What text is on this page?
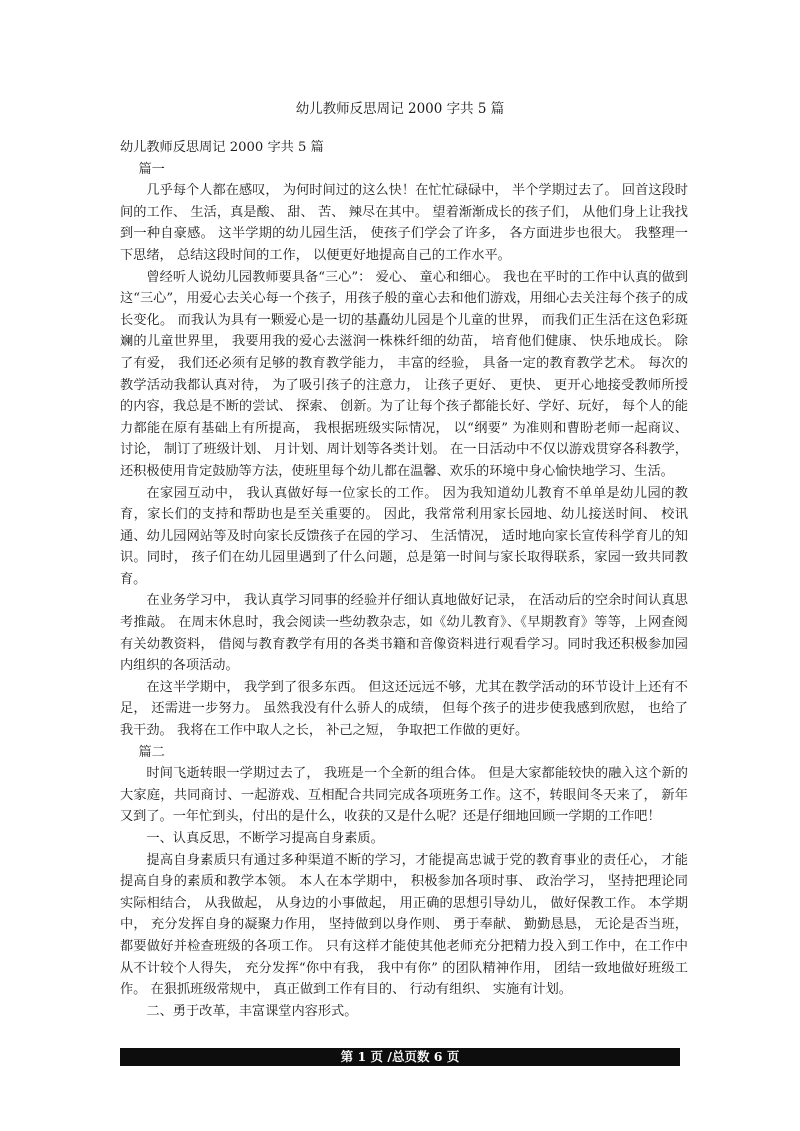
幼儿教师反思周记 2000 字共 5 篇

幼儿教师反思周记 2000 字共 5 篇

篇一

几乎每个人都在感叹， 为何时间过的这么快！在忙忙碌碌中， 半个学期过去了。 回首这段时间的工作、 生活，真是酸、 甜、 苦、 辣尽在其中。 望着渐渐成长的孩子们， 从他们身上让我找到一种自豪感。 这半学期的幼儿园生活， 使孩子们学会了许多， 各方面进步也很大。 我整理一下思绪， 总结这段时间的工作， 以便更好地提高自己的工作水平。

曾经听人说幼儿园教师要具备“三心”： 爱心、 童心和细心。 我也在平时的工作中认真的做到这“三心”，用爱心去关心每一个孩子，用孩子般的童心去和他们游戏，用细心去关注每个孩子的成长变化。 而我认为具有一颗爱心是一切的基矗幼儿园是个儿童的世界， 而我们正生活在这色彩斑斓的儿童世界里， 我要用我的爱心去滋润一株株纤细的幼苗， 培育他们健康、 快乐地成长。 除了有爱， 我们还必须有足够的教育教学能力， 丰富的经验， 具备一定的教育教学艺术。 每次的教学活动我都认真对待， 为了吸引孩子的注意力， 让孩子更好、 更快、 更开心地接受教师所授的内容，我总是不断的尝试、 探索、 创新。为了让每个孩子都能长好、学好、玩好， 每个人的能力都能在原有基础上有所提高， 我根据班级实际情况， 以“纲要” 为准则和曹盼老师一起商议、 讨论， 制订了班级计划、 月计划、周计划等各类计划。 在一日活动中不仅以游戏贯穿各科教学， 还积极使用肯定鼓励等方法，使班里每个幼儿都在温馨、欢乐的环境中身心愉快地学习、生活。

在家园互动中， 我认真做好每一位家长的工作。 因为我知道幼儿教育不单单是幼儿园的教育，家长们的支持和帮助也是至关重要的。 因此，我常常利用家长园地、幼儿接送时间、 校讯通、幼儿园网站等及时向家长反馈孩子在园的学习、 生活情况， 适时地向家长宣传科学育儿的知识。同时， 孩子们在幼儿园里遇到了什么问题，总是第一时间与家长取得联系，家园一致共同教育。

在业务学习中， 我认真学习同事的经验并仔细认真地做好记录， 在活动后的空余时间认真思考推敲。 在周末休息时，我会阅读一些幼教杂志，如《幼儿教育》、《早期教育》等等，上网查阅有关幼教资料， 借阅与教育教学有用的各类书籍和音像资料进行观看学习。同时我还积极参加园内组织的各项活动。

在这半学期中， 我学到了很多东西。 但这还远远不够，尤其在教学活动的环节设计上还有不足， 还需进一步努力。 虽然我没有什么骄人的成绩， 但每个孩子的进步使我感到欣慰， 也给了我干劲。 我将在工作中取人之长， 补己之短， 争取把工作做的更好。

篇二

时间飞逝转眼一学期过去了， 我班是一个全新的组合体。 但是大家都能较快的融入这个新的大家庭，共同商讨、一起游戏、互相配合共同完成各项班务工作。这不，转眼间冬天来了， 新年又到了。一年忙到头，付出的是什么，收获的又是什么呢？还是仔细地回顾一学期的工作吧！

一、认真反思，不断学习提高自身素质。

提高自身素质只有通过多种渠道不断的学习，才能提高忠诚于党的教育事业的责任心， 才能提高自身的素质和教学本领。 本人在本学期中， 积极参加各项时事、 政治学习， 坚持把理论同实际相结合， 从我做起， 从身边的小事做起， 用正确的思想引导幼儿， 做好保教工作。 本学期中， 充分发挥自身的凝聚力作用， 坚持做到以身作则、 勇于奉献、 勤勤恳恳， 无论是否当班， 都要做好并检查班级的各项工作。 只有这样才能使其他老师充分把精力投入到工作中，在工作中从不计较个人得失， 充分发挥“你中有我， 我中有你” 的团队精神作用， 团结一致地做好班级工作。 在狠抓班级常规中， 真正做到工作有目的、 行动有组织、 实施有计划。

二、勇于改革，丰富课堂内容形式。

第 1 页 /总页数 6 页
